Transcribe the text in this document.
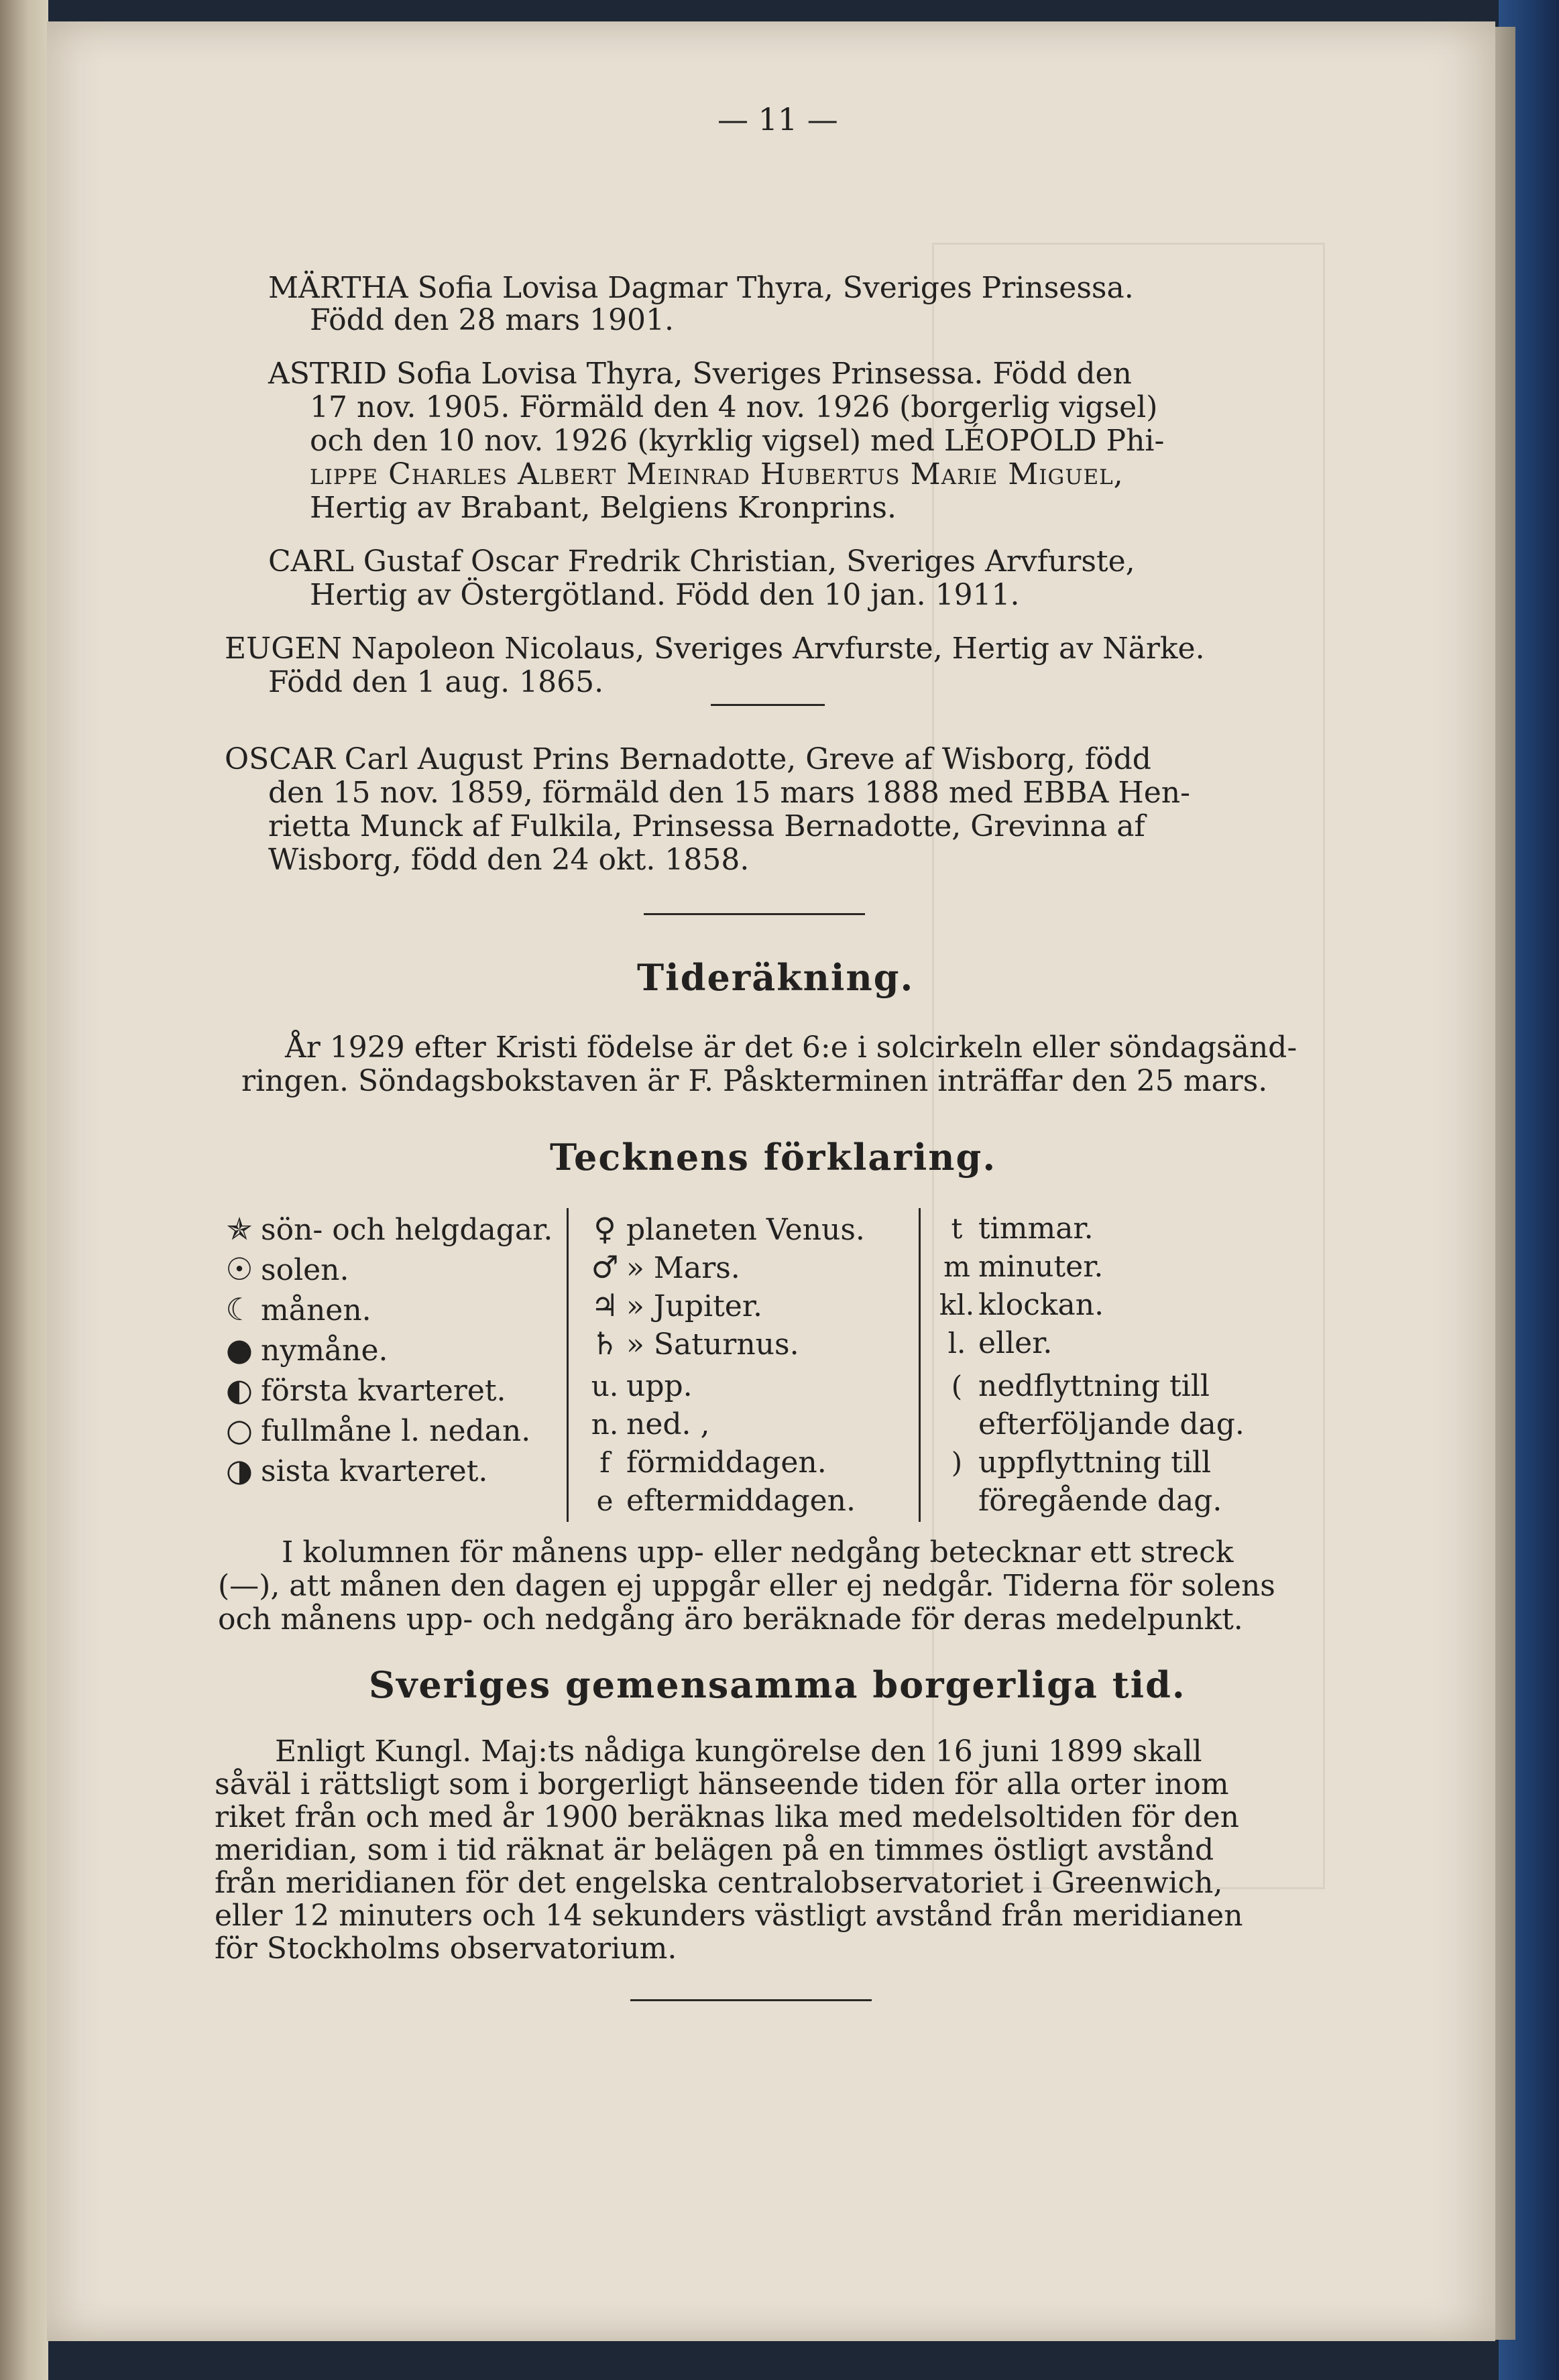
— 11 —
MÄRTHA Sofia Lovisa Dagmar Thyra, Sveriges Prinsessa.
Född den 28 mars 1901.
ASTRID Sofia Lovisa Thyra, Sveriges Prinsessa. Född den
17 nov. 1905. Förmäld den 4 nov. 1926 (borgerlig vigsel)
och den 10 nov. 1926 (kyrklig vigsel) med LÉOPOLD Phi-
lippe Charles Albert Meinrad Hubertus Marie Miguel,
Hertig av Brabant, Belgiens Kronprins.
CARL Gustaf Oscar Fredrik Christian, Sveriges Arvfurste,
Hertig av Östergötland. Född den 10 jan. 1911.
EUGEN Napoleon Nicolaus, Sveriges Arvfurste, Hertig av Närke.
Född den 1 aug. 1865.
OSCAR Carl August Prins Bernadotte, Greve af Wisborg, född
den 15 nov. 1859, förmäld den 15 mars 1888 med EBBA Hen-
rietta Munck af Fulkila, Prinsessa Bernadotte, Grevinna af
Wisborg, född den 24 okt. 1858.
Tideräkning.
År 1929 efter Kristi födelse är det 6:e i solcirkeln eller söndagsänd-
ringen. Söndagsbokstaven är F. Påskterminen inträffar den 25 mars.
Tecknens förklaring.
✯ sön- och helgdagar.
☉ solen.
☾ månen.
● nymåne.
◐ första kvarteret.
○ fullmåne l. nedan.
◑ sista kvarteret.
♀ planeten Venus.
♂ » Mars.
♃ » Jupiter.
♄ » Saturnus.
u. upp.
n. ned. ,
f förmiddagen.
e eftermiddagen.
t timmar.
m minuter.
kl. klockan.
l. eller.
( nedflyttning till
efterföljande dag.
) uppflyttning till
föregående dag.
I kolumnen för månens upp- eller nedgång betecknar ett streck
(—), att månen den dagen ej uppgår eller ej nedgår. Tiderna för solens
och månens upp- och nedgång äro beräknade för deras medelpunkt.
Sveriges gemensamma borgerliga tid.
Enligt Kungl. Maj:ts nådiga kungörelse den 16 juni 1899 skall
såväl i rättsligt som i borgerligt hänseende tiden för alla orter inom
riket från och med år 1900 beräknas lika med medelsoltiden för den
meridian, som i tid räknat är belägen på en timmes östligt avstånd
från meridianen för det engelska centralobservatoriet i Greenwich,
eller 12 minuters och 14 sekunders västligt avstånd från meridianen
för Stockholms observatorium.
